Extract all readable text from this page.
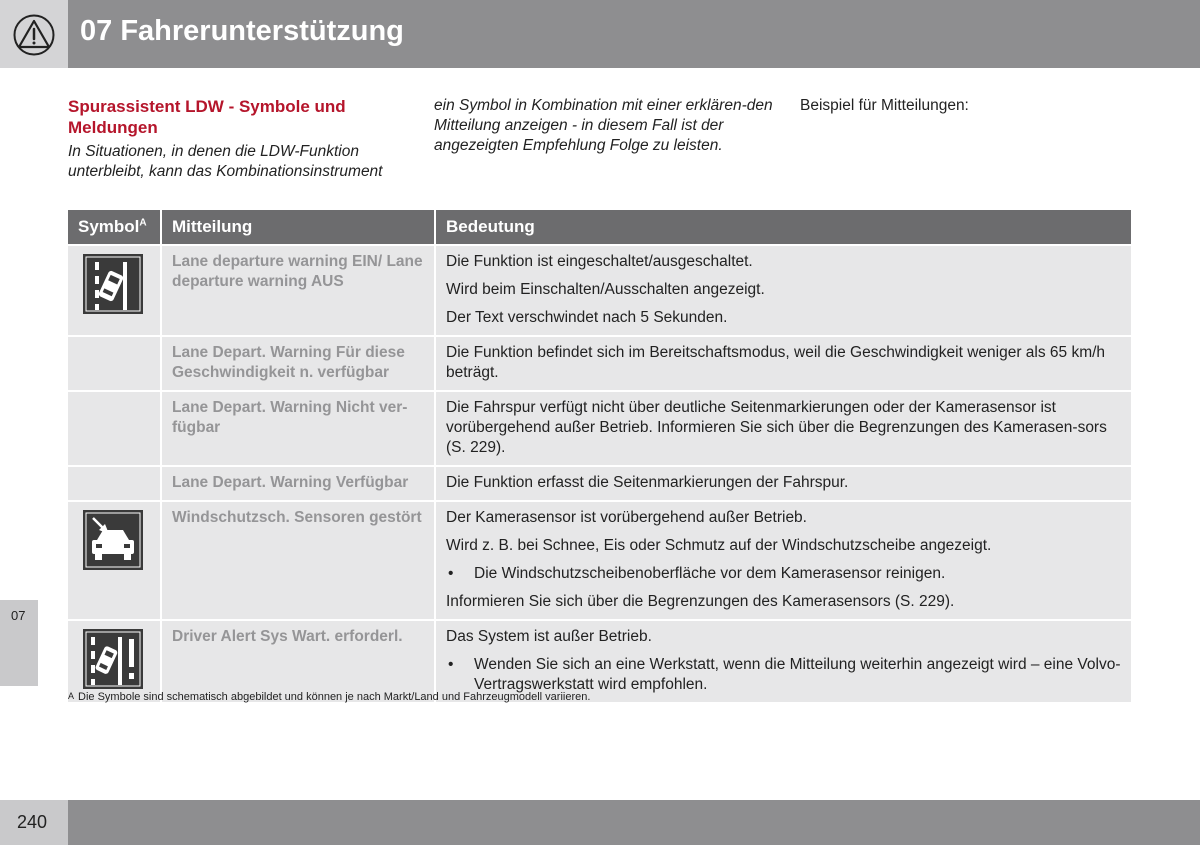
07 Fahrerunterstützung
07
Spurassistent LDW - Symbole und Meldungen
In Situationen, in denen die LDW-Funktion unterbleibt, kann das Kombinationsinstrument
ein Symbol in Kombination mit einer erklären-den Mitteilung anzeigen - in diesem Fall ist der angezeigten Empfehlung Folge zu leisten.
Beispiel für Mitteilungen:
Symbol$^A$	Mitteilung	Bedeutung
	Lane departure warning EIN/ Lane departure warning AUS	Die Funktion ist eingeschaltet/ausgeschaltet.

Wird beim Einschalten/Ausschalten angezeigt.

Der Text verschwindet nach 5 Sekunden.

	Lane Depart. Warning Für diese Geschwindigkeit n. verfügbar	Die Funktion befindet sich im Bereitschaftsmodus, weil die Geschwindigkeit weniger als 65 km/h beträgt.

	Lane Depart. Warning Nicht ver-fügbar	Die Fahrspur verfügt nicht über deutliche Seitenmarkierungen oder der Kamerasensor ist vorübergehend außer Betrieb. Informieren Sie sich über die Begrenzungen des Kamerasen-sors (S. 229).

	Lane Depart. Warning Verfügbar	Die Funktion erfasst die Seitenmarkierungen der Fahrspur.

	Windschutzsch. Sensoren gestört	Der Kamerasensor ist vorübergehend außer Betrieb.

Wird z. B. bei Schnee, Eis oder Schmutz auf der Windschutzscheibe angezeigt.

• Die Windschutzscheibenoberfläche vor dem Kamerasensor reinigen.

Informieren Sie sich über die Begrenzungen des Kamerasensors (S. 229).

	Driver Alert Sys Wart. erforderl.	Das System ist außer Betrieb.

• Wenden Sie sich an eine Werkstatt, wenn die Mitteilung weiterhin angezeigt wird – eine Volvo-Vertragswerkstatt wird empfohlen.

$^A$ Die Symbole sind schematisch abgebildet und können je nach Markt/Land und Fahrzeugmodell variieren.
240
